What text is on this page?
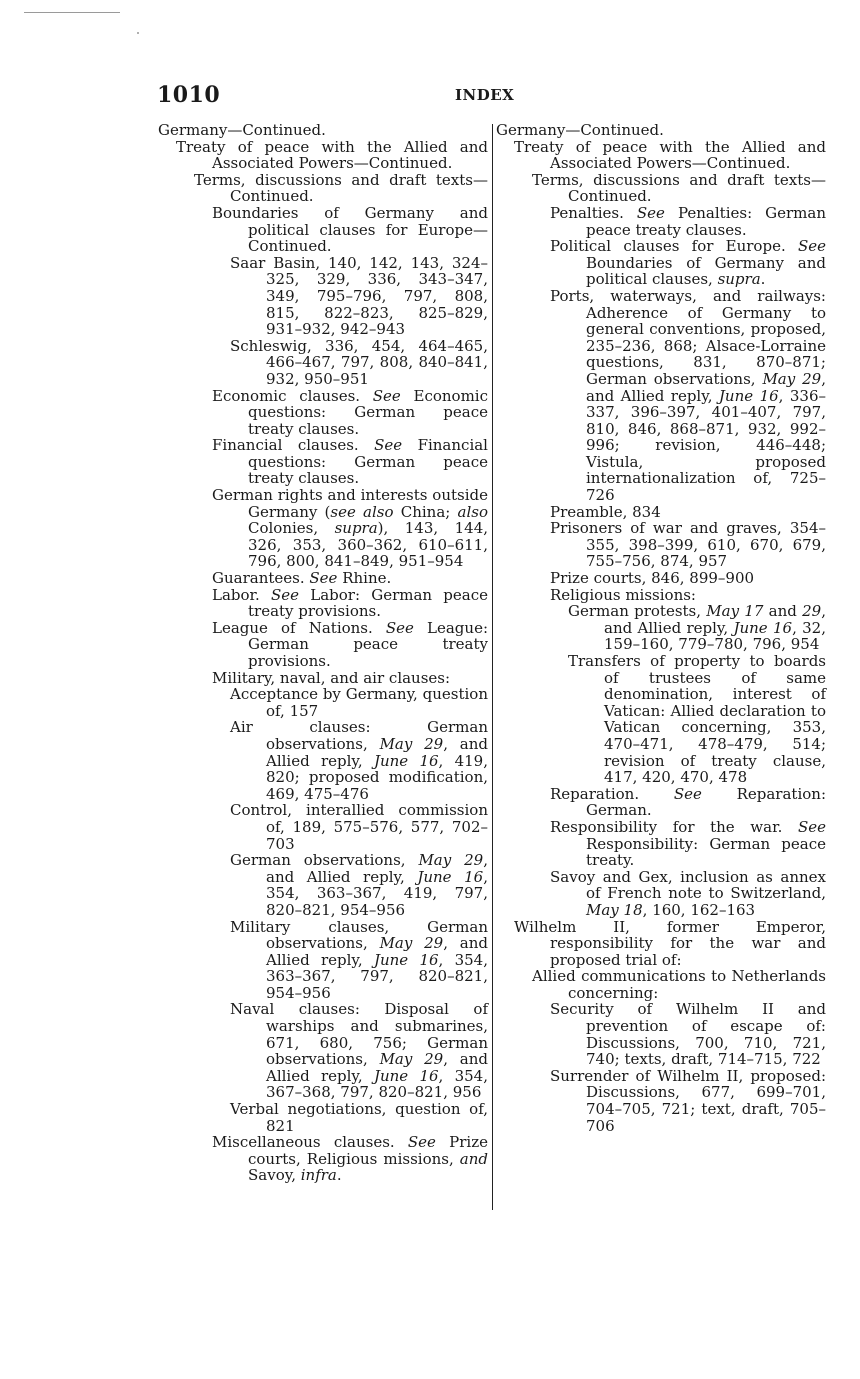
1010	INDEX

Germany—Continued.

Treaty of peace with the Allied and Associated Powers—Continued.

Terms, discussions and draft texts—Continued.

Boundaries of Germany and political clauses for Europe—Continued.

Saar Basin, 140, 142, 143, 324–325, 329, 336, 343–347, 349, 795–796, 797, 808, 815, 822–823, 825–829, 931–932, 942–943

Schleswig, 336, 454, 464–465, 466–467, 797, 808, 840–841, 932, 950–951

Economic clauses. See Economic questions: German peace treaty clauses.

Financial clauses. See Financial questions: German peace treaty clauses.

German rights and interests outside Germany (see also China; also Colonies, supra), 143, 144, 326, 353, 360–362, 610–611, 796, 800, 841–849, 951–954

Guarantees. See Rhine.

Labor. See Labor: German peace treaty provisions.

League of Nations. See League: German peace treaty provisions.

Military, naval, and air clauses:

Acceptance by Germany, question of, 157

Air clauses: German observations, May 29, and Allied reply, June 16, 419, 820; proposed modification, 469, 475–476

Control, interallied commission of, 189, 575–576, 577, 702–703

German observations, May 29, and Allied reply, June 16, 354, 363–367, 419, 797, 820–821, 954–956

Military clauses, German observations, May 29, and Allied reply, June 16, 354, 363–367, 797, 820–821, 954–956

Naval clauses: Disposal of warships and submarines, 671, 680, 756; German observations, May 29, and Allied reply, June 16, 354, 367–368, 797, 820–821, 956

Verbal negotiations, question of, 821

Miscellaneous clauses. See Prize courts, Religious missions, and Savoy, infra.

Germany—Continued.

Treaty of peace with the Allied and Associated Powers—Continued.

Terms, discussions and draft texts—Continued.

Penalties. See Penalties: German peace treaty clauses.

Political clauses for Europe. See Boundaries of Germany and political clauses, supra.

Ports, waterways, and railways: Adherence of Germany to general conventions, proposed, 235–236, 868; Alsace-Lorraine questions, 831, 870–871; German observations, May 29, and Allied reply, June 16, 336–337, 396–397, 401–407, 797, 810, 846, 868–871, 932, 992–996; revision, 446–448; Vistula, proposed internationalization of, 725–726

Preamble, 834

Prisoners of war and graves, 354–355, 398–399, 610, 670, 679, 755–756, 874, 957

Prize courts, 846, 899–900

Religious missions:

German protests, May 17 and 29, and Allied reply, June 16, 32, 159–160, 779–780, 796, 954

Transfers of property to boards of trustees of same denomination, interest of Vatican: Allied declaration to Vatican concerning, 353, 470–471, 478–479, 514; revision of treaty clause, 417, 420, 470, 478

Reparation. See Reparation: German.

Responsibility for the war. See Responsibility: German peace treaty.

Savoy and Gex, inclusion as annex of French note to Switzerland, May 18, 160, 162–163

Wilhelm II, former Emperor, responsibility for the war and proposed trial of:

Allied communications to Netherlands concerning:

Security of Wilhelm II and prevention of escape of: Discussions, 700, 710, 721, 740; texts, draft, 714–715, 722

Surrender of Wilhelm II, proposed: Discussions, 677, 699–701, 704–705, 721; text, draft, 705–706
